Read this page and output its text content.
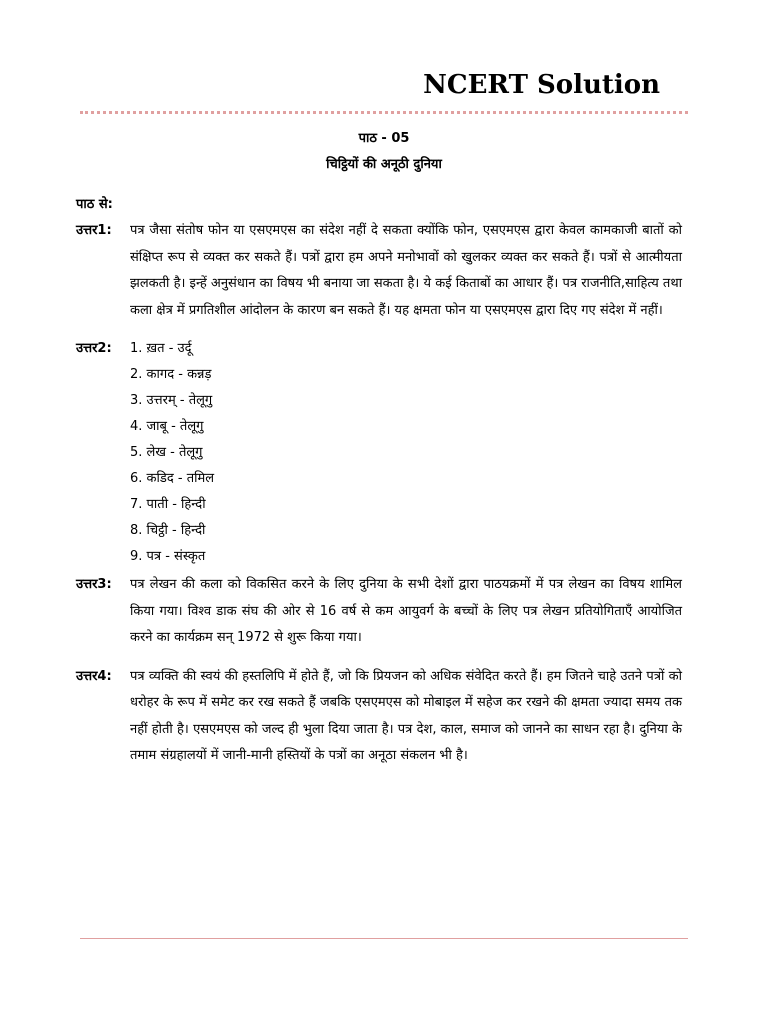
NCERT Solution
पाठ - 05
चिट्ठियों की अनूठी दुनिया
पाठ से:
उत्तर1:	पत्र जैसा संतोष फोन या एसएमएस का संदेश नहीं दे सकता क्योंकि फोन, एसएमएस द्वारा केवल कामकाजी बातों को संक्षिप्त रूप से व्यक्त कर सकते हैं। पत्रों द्वारा हम अपने मनोभावों को खुलकर व्यक्त कर सकते हैं। पत्रों से आत्मीयता झलकती है। इन्हें अनुसंधान का विषय भी बनाया जा सकता है। ये कई किताबों का आधार हैं। पत्र राजनीति,साहित्य तथा कला क्षेत्र में प्रगतिशील आंदोलन के कारण बन सकते हैं। यह क्षमता फोन या एसएमएस द्वारा दिए गए संदेश में नहीं।
उत्तर2:	1. ख़त - उर्दू
2. कागद - कन्नड़
3. उत्तरम् - तेलूगु
4. जाबू - तेलूगु
5. लेख - तेलूगु
6. कडिद - तमिल
7. पाती - हिन्दी
8. चिट्ठी - हिन्दी
9. पत्र - संस्कृत
उत्तर3:	पत्र लेखन की कला को विकसित करने के लिए दुनिया के सभी देशों द्वारा पाठयक्रमों में पत्र लेखन का विषय शामिल किया गया। विश्व डाक संघ की ओर से 16 वर्ष से कम आयुवर्ग के बच्चों के लिए पत्र लेखन प्रतियोगिताएँ आयोजित करने का कार्यक्रम सन् 1972 से शुरू किया गया।
उत्तर4:	पत्र व्यक्ति की स्वयं की हस्तलिपि में होते हैं, जो कि प्रियजन को अधिक संवेदित करते हैं। हम जितने चाहे उतने पत्रों को धरोहर के रूप में समेट कर रख सकते हैं जबकि एसएमएस को मोबाइल में सहेज कर रखने की क्षमता ज्यादा समय तक नहीं होती है। एसएमएस को जल्द ही भुला दिया जाता है। पत्र देश, काल, समाज को जानने का साधन रहा है। दुनिया के तमाम संग्रहालयों में जानी-मानी हस्तियों के पत्रों का अनूठा संकलन भी है।
